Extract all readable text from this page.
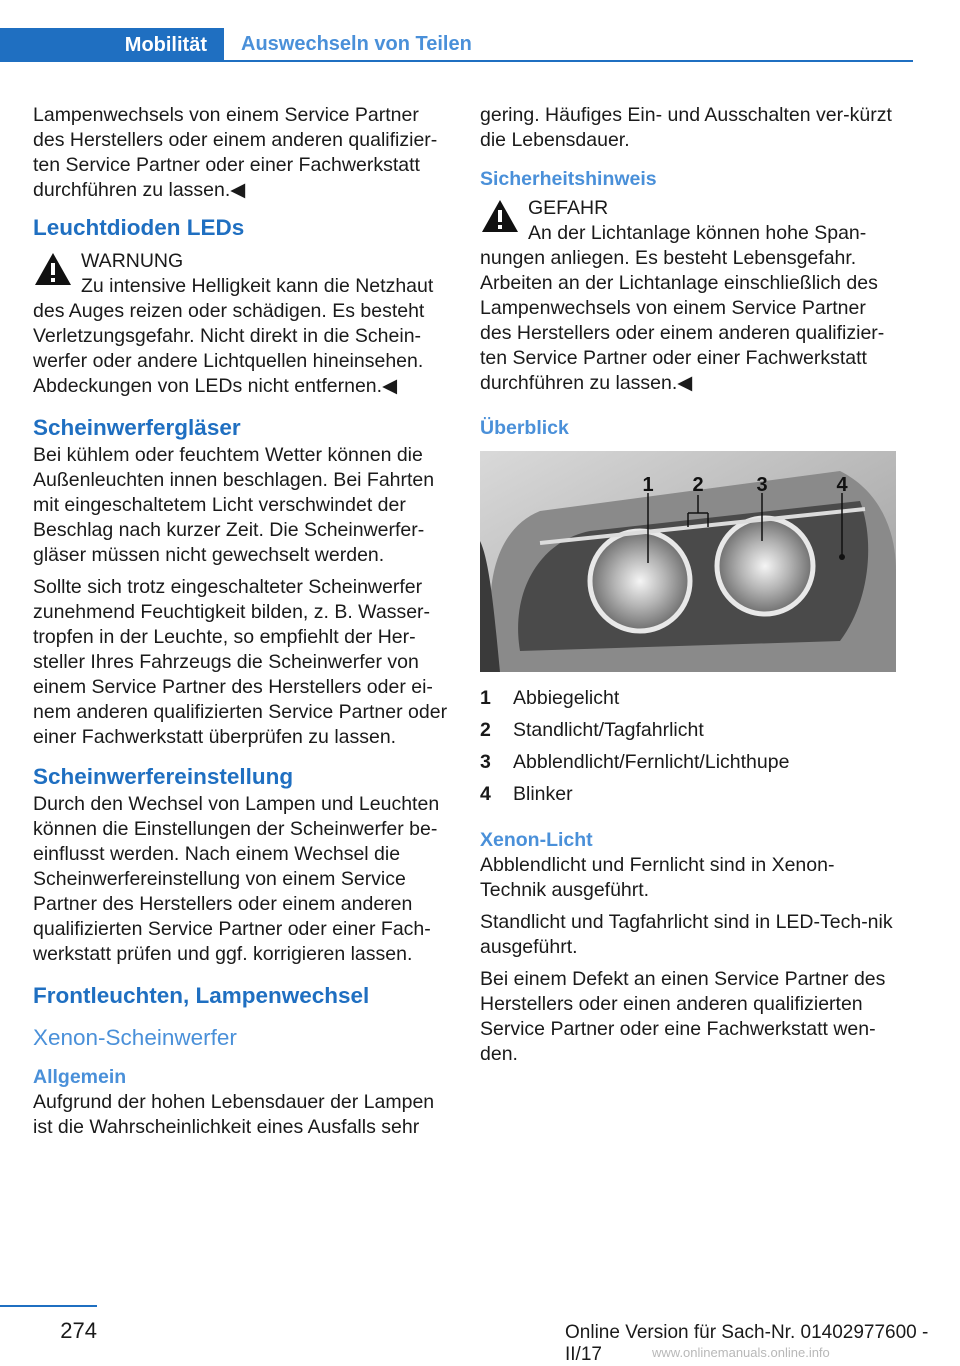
Mobilität	Auswechseln von Teilen

Lampenwechsels von einem Service Partner des Herstellers oder einem anderen qualifizier‐ten Service Partner oder einer Fachwerkstatt durchführen zu lassen.◀

Leuchtdioden LEDs
WARNUNG
Zu intensive Helligkeit kann die Netzhaut des Auges reizen oder schädigen. Es besteht Verletzungsgefahr. Nicht direkt in die Schein‐werfer oder andere Lichtquellen hineinsehen. Abdeckungen von LEDs nicht entfernen.◀
Scheinwerfergläser

Bei kühlem oder feuchtem Wetter können die Außenleuchten innen beschlagen. Bei Fahrten mit eingeschaltetem Licht verschwindet der Beschlag nach kurzer Zeit. Die Scheinwerfer‐gläser müssen nicht gewechselt werden.

Sollte sich trotz eingeschalteter Scheinwerfer zunehmend Feuchtigkeit bilden, z. B. Wasser‐tropfen in der Leuchte, so empfiehlt der Her‐steller Ihres Fahrzeugs die Scheinwerfer von einem Service Partner des Herstellers oder ei‐nem anderen qualifizierten Service Partner oder einer Fachwerkstatt überprüfen zu lassen.

Scheinwerfereinstellung

Durch den Wechsel von Lampen und Leuchten können die Einstellungen der Scheinwerfer be‐einflusst werden. Nach einem Wechsel die Scheinwerfereinstellung von einem Service Partner des Herstellers oder einem anderen qualifizierten Service Partner oder einer Fach‐werkstatt prüfen und ggf. korrigieren lassen.

Frontleuchten, Lampenwechsel
Xenon-Scheinwerfer
Allgemein

Aufgrund der hohen Lebensdauer der Lampen ist die Wahrscheinlichkeit eines Ausfalls sehr

gering. Häufiges Ein- und Ausschalten ver‐kürzt die Lebensdauer.

Sicherheitshinweis
GEFAHR
An der Lichtanlage können hohe Span‐nungen anliegen. Es besteht Lebensgefahr. Arbeiten an der Lichtanlage einschließlich des Lampenwechsels von einem Service Partner des Herstellers oder einem anderen qualifizier‐ten Service Partner oder einer Fachwerkstatt durchführen zu lassen.◀
Überblick
1 2	3	4
1	Abbiegelicht
2	Standlicht/Tagfahrlicht
3	Abblendlicht/Fernlicht/Lichthupe
4	Blinker
Xenon-Licht

Abblendlicht und Fernlicht sind in Xenon-Technik ausgeführt.

Standlicht und Tagfahrlicht sind in LED-Tech‐nik ausgeführt.

Bei einem Defekt an einen Service Partner des Herstellers oder einen anderen qualifizierten Service Partner oder eine Fachwerkstatt wen‐den.

274	Online Version für Sach-Nr. 01402977600 - II/17	www.onlinemanuals.online.info
